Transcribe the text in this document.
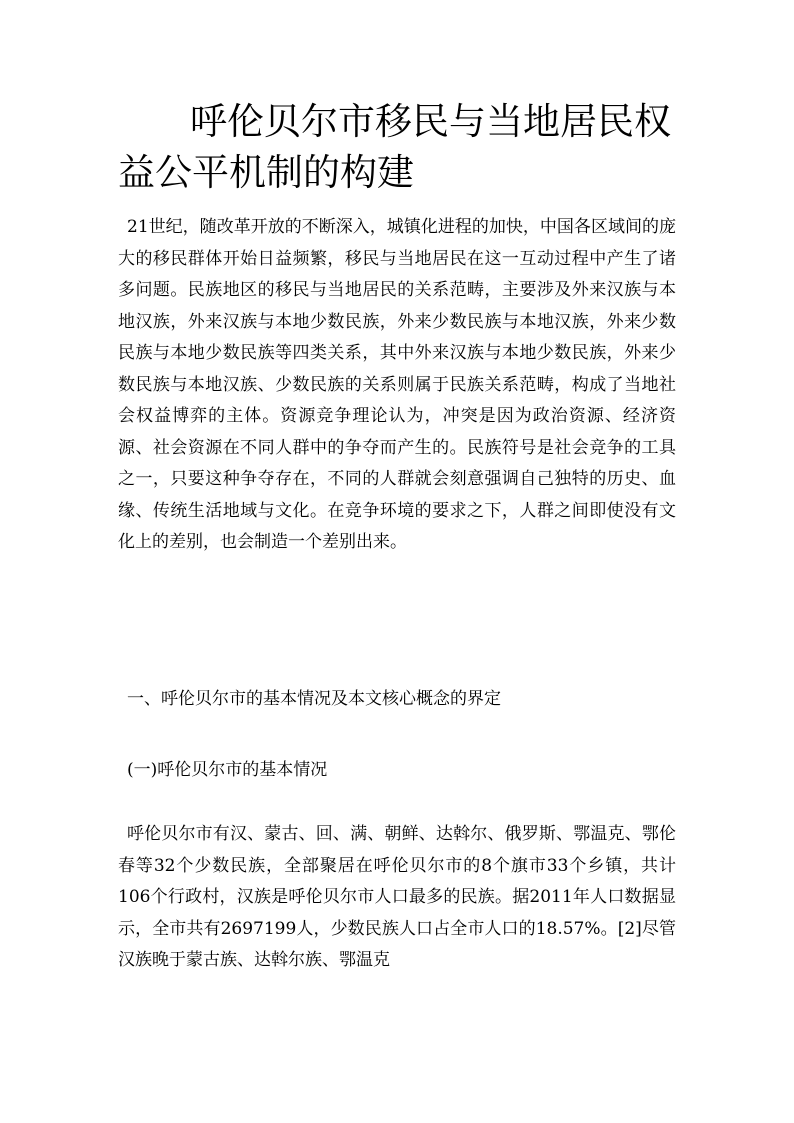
呼伦贝尔市移民与当地居民权益公平机制的构建

21世纪，随改革开放的不断深入，城镇化进程的加快，中国各区域间的庞大的移民群体开始日益频繁，移民与当地居民在这一互动过程中产生了诸多问题。民族地区的移民与当地居民的关系范畴，主要涉及外来汉族与本地汉族，外来汉族与本地少数民族，外来少数民族与本地汉族，外来少数民族与本地少数民族等四类关系，其中外来汉族与本地少数民族，外来少数民族与本地汉族、少数民族的关系则属于民族关系范畴，构成了当地社会权益博弈的主体。资源竞争理论认为，冲突是因为政治资源、经济资源、社会资源在不同人群中的争夺而产生的。民族符号是社会竞争的工具之一，只要这种争夺存在，不同的人群就会刻意强调自己独特的历史、血缘、传统生活地域与文化。在竞争环境的要求之下，人群之间即使没有文化上的差别，也会制造一个差别出来。

一、呼伦贝尔市的基本情况及本文核心概念的界定
(一)呼伦贝尔市的基本情况

呼伦贝尔市有汉、蒙古、回、满、朝鲜、达斡尔、俄罗斯、鄂温克、鄂伦春等32个少数民族，全部聚居在呼伦贝尔市的8个旗市33个乡镇，共计106个行政村，汉族是呼伦贝尔市人口最多的民族。据2011年人口数据显示，全市共有2697199人，少数民族人口占全市人口的18.57%。[2]尽管汉族晚于蒙古族、达斡尔族、鄂温克
